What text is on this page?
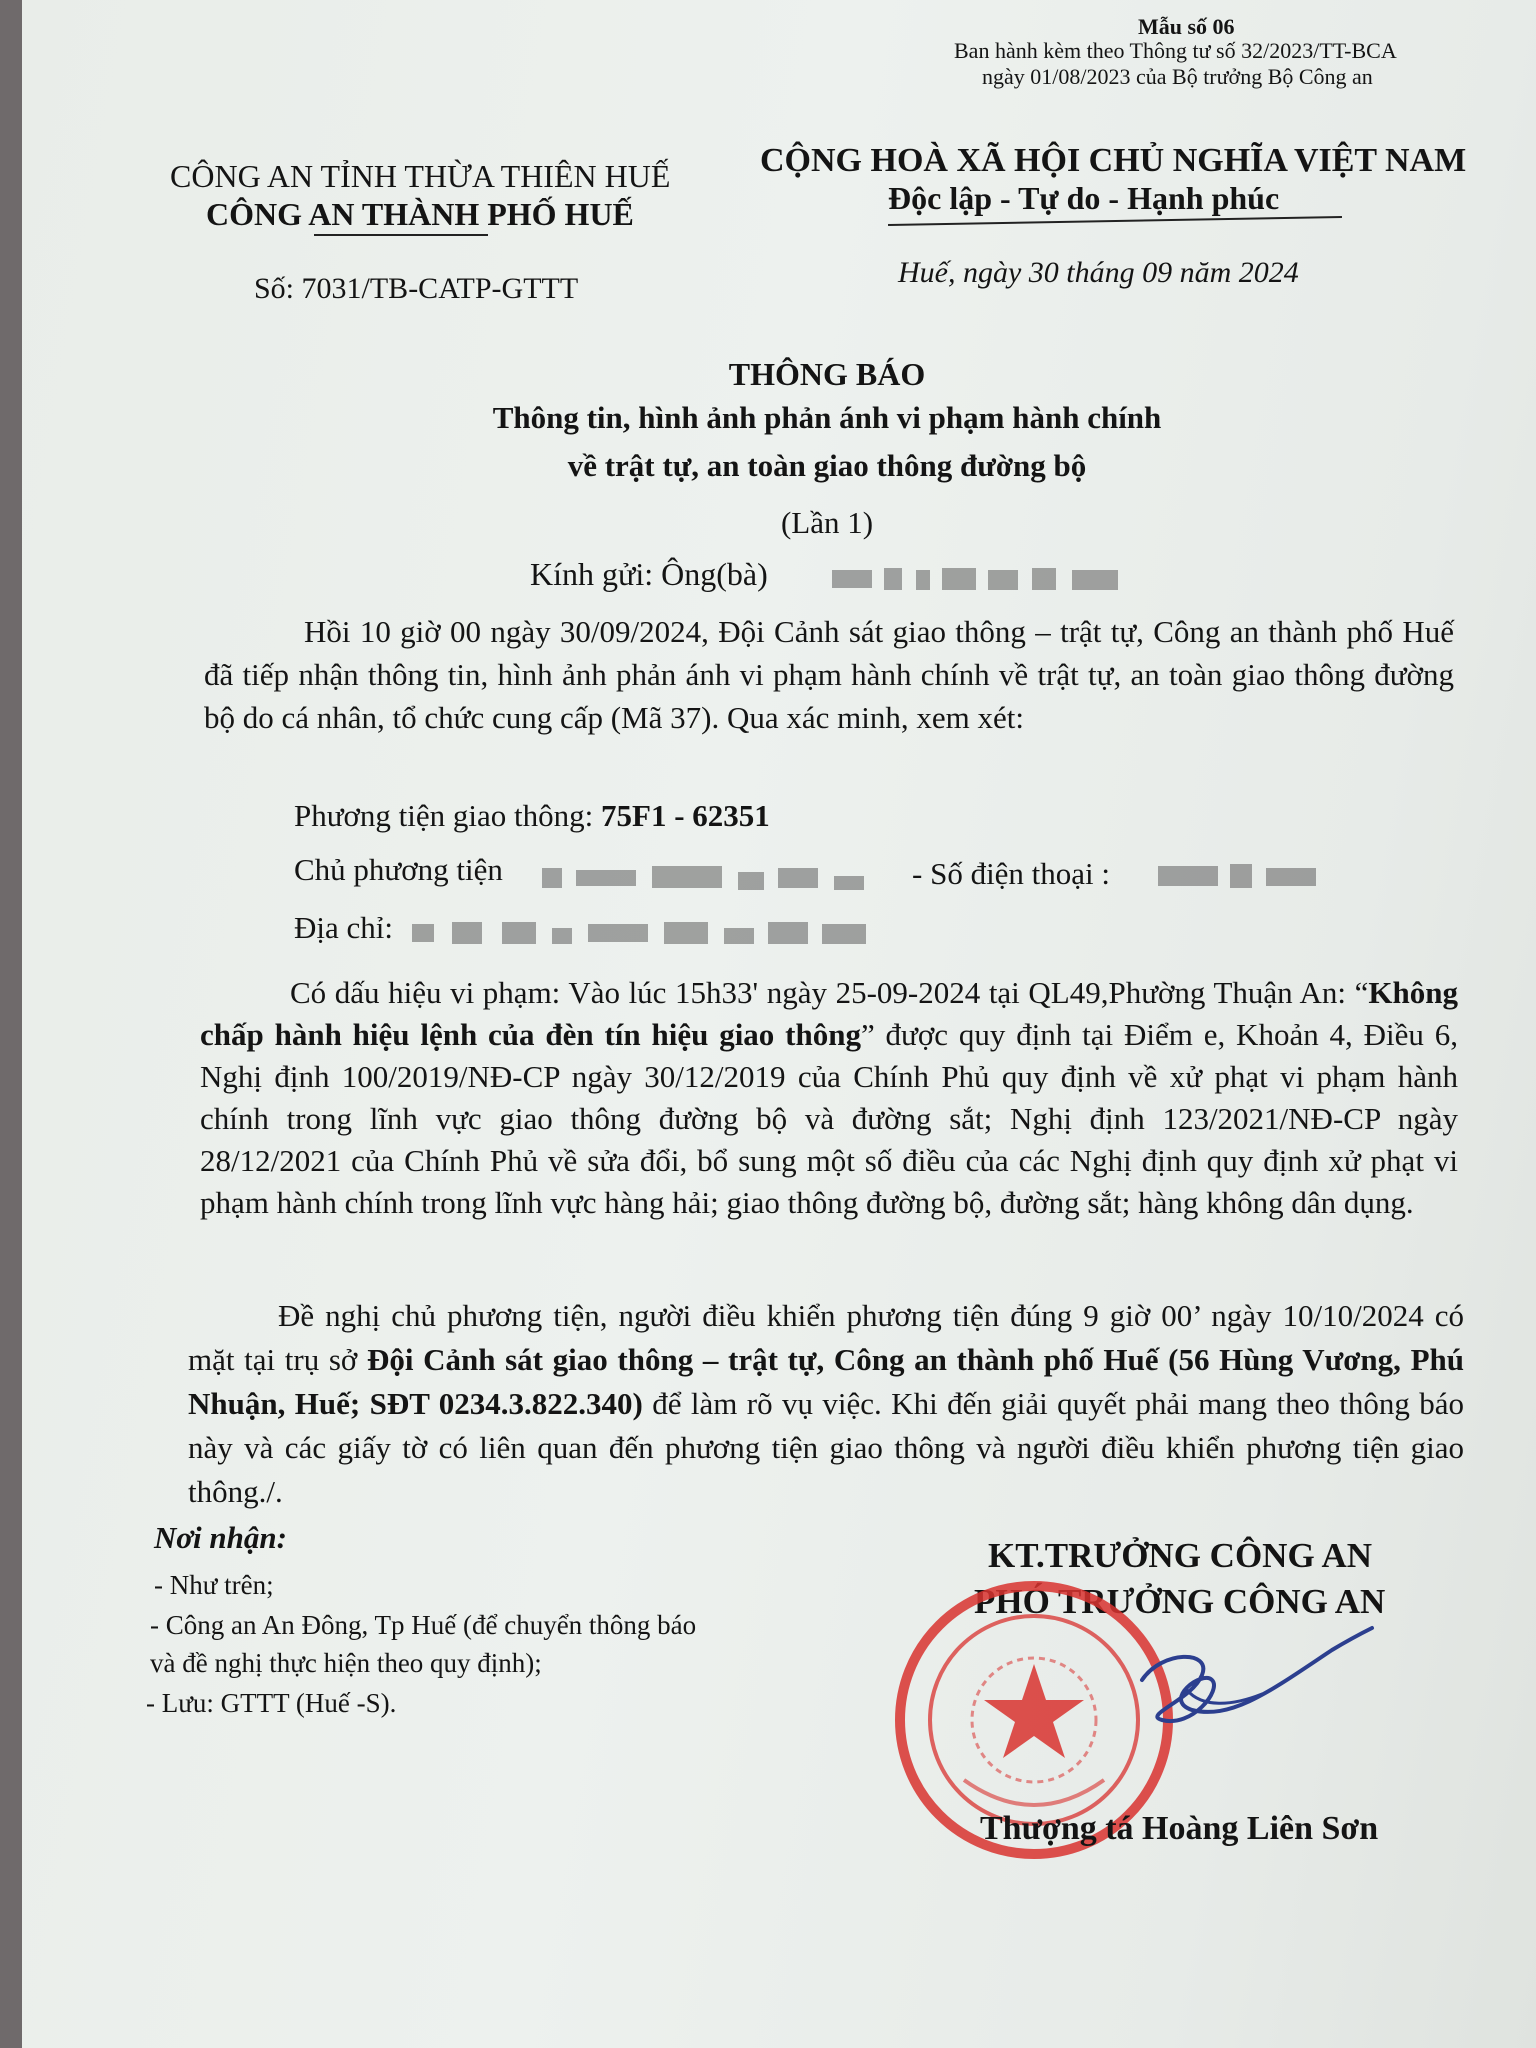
Mẫu số 06
Ban hành kèm theo Thông tư số 32/2023/TT-BCA
ngày 01/08/2023 của Bộ trưởng Bộ Công an
CÔNG AN TỈNH THỪA THIÊN HUẾ
CÔNG AN THÀNH PHỐ HUẾ
CỘNG HOÀ XÃ HỘI CHỦ NGHĨA VIỆT NAM
Độc lập - Tự do - Hạnh phúc
Số: 7031/TB-CATP-GTTT	Huế, ngày 30 tháng 09 năm 2024
THÔNG BÁO
Thông tin, hình ảnh phản ánh vi phạm hành chính
về trật tự, an toàn giao thông đường bộ
(Lần 1)
Kính gửi: Ông(bà)
Hồi 10 giờ 00 ngày 30/09/2024, Đội Cảnh sát giao thông – trật tự, Công an thành phố Huế đã tiếp nhận thông tin, hình ảnh phản ánh vi phạm hành chính về trật tự, an toàn giao thông đường bộ do cá nhân, tổ chức cung cấp (Mã 37). Qua xác minh, xem xét:
Phương tiện giao thông: 75F1 - 62351
Chủ phương tiện	- Số điện thoại :
Địa chỉ:
Có dấu hiệu vi phạm: Vào lúc 15h33' ngày 25-09-2024 tại QL49,Phường Thuận An: “Không chấp hành hiệu lệnh của đèn tín hiệu giao thông” được quy định tại Điểm e, Khoản 4, Điều 6, Nghị định 100/2019/NĐ-CP ngày 30/12/2019 của Chính Phủ quy định về xử phạt vi phạm hành chính trong lĩnh vực giao thông đường bộ và đường sắt; Nghị định 123/2021/NĐ-CP ngày 28/12/2021 của Chính Phủ về sửa đổi, bổ sung một số điều của các Nghị định quy định xử phạt vi phạm hành chính trong lĩnh vực hàng hải; giao thông đường bộ, đường sắt; hàng không dân dụng.
Đề nghị chủ phương tiện, người điều khiển phương tiện đúng 9 giờ 00’ ngày 10/10/2024 có mặt tại trụ sở Đội Cảnh sát giao thông – trật tự, Công an thành phố Huế (56 Hùng Vương, Phú Nhuận, Huế; SĐT 0234.3.822.340) để làm rõ vụ việc. Khi đến giải quyết phải mang theo thông báo này và các giấy tờ có liên quan đến phương tiện giao thông và người điều khiển phương tiện giao thông./.
Nơi nhận:
- Như trên;
- Công an An Đông, Tp Huế (để chuyển thông báo
và đề nghị thực hiện theo quy định);
- Lưu: GTTT (Huế -S).
KT.TRƯỞNG CÔNG AN
PHÓ TRƯỞNG CÔNG AN
Thượng tá Hoàng Liên Sơn
